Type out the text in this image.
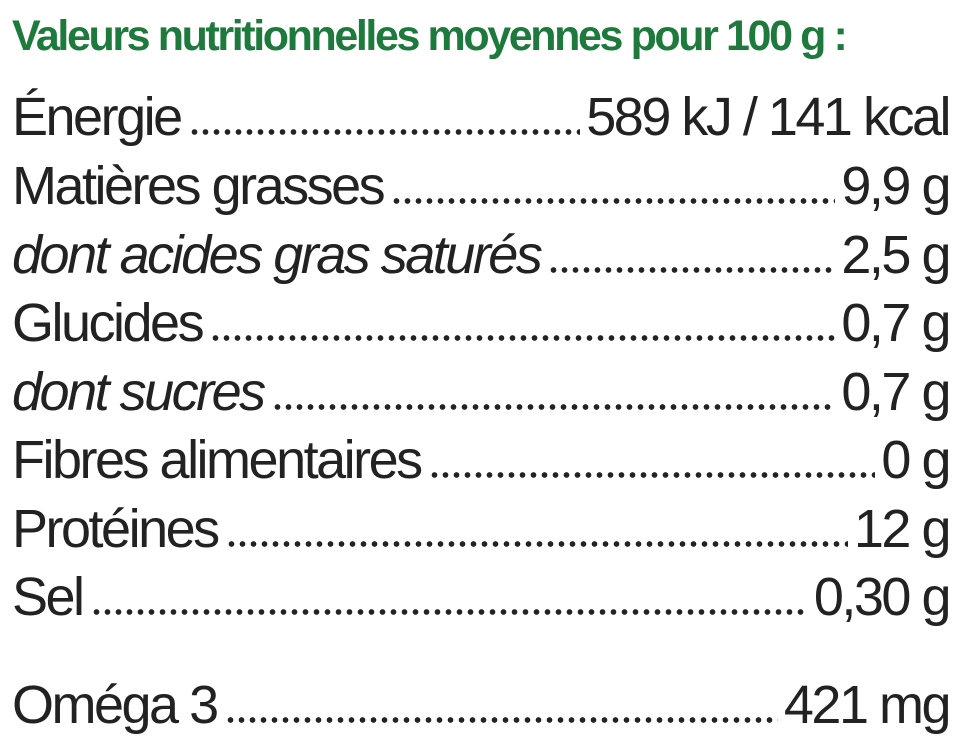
Valeurs nutritionnelles moyennes pour 100 g :
Énergie	589 kJ / 141 kcal
Matières grasses	9,9 g
dont acides gras saturés	2,5 g
Glucides	0,7 g
dont sucres	0,7 g
Fibres alimentaires	0 g
Protéines	12 g
Sel	0,30 g
Oméga 3	421 mg
